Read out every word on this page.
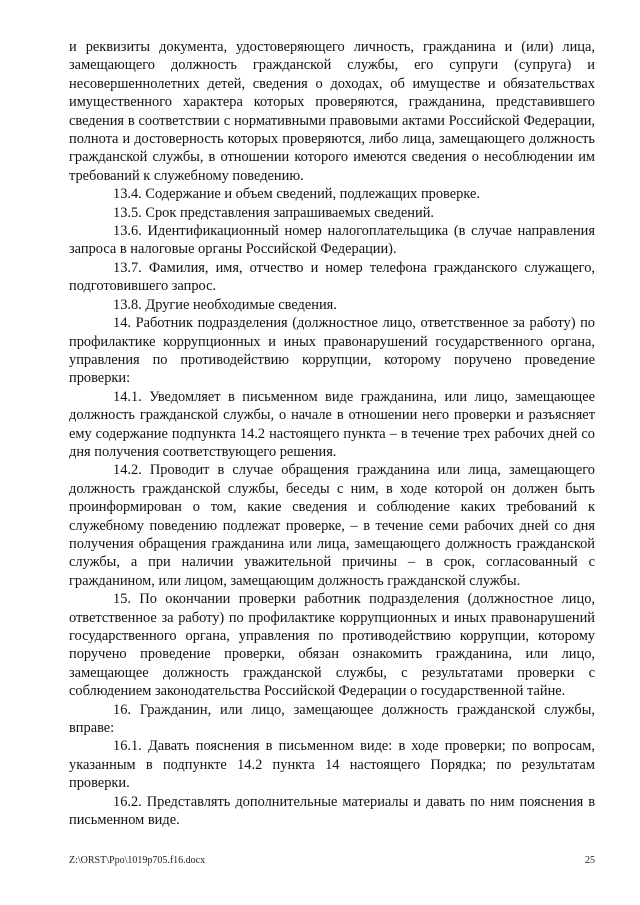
и реквизиты документа, удостоверяющего личность, гражданина и (или) лица, замещающего должность гражданской службы, его супруги (супруга) и несовершеннолетних детей, сведения о доходах, об имуществе и обязательствах имущественного характера которых проверяются, гражданина, представившего сведения в соответствии с нормативными правовыми актами Российской Федерации, полнота и достоверность которых проверяются, либо лица, замещающего должность гражданской службы, в отношении которого имеются сведения о несоблюдении им требований к служебному поведению.

13.4. Содержание и объем сведений, подлежащих проверке.

13.5. Срок представления запрашиваемых сведений.

13.6. Идентификационный номер налогоплательщика (в случае направления запроса в налоговые органы Российской Федерации).

13.7. Фамилия, имя, отчество и номер телефона гражданского служащего, подготовившего запрос.

13.8. Другие необходимые сведения.

14. Работник подразделения (должностное лицо, ответственное за работу) по профилактике коррупционных и иных правонарушений государственного органа, управления по противодействию коррупции, которому поручено проведение проверки:

14.1. Уведомляет в письменном виде гражданина, или лицо, замещающее должность гражданской службы, о начале в отношении него проверки и разъясняет ему содержание подпункта 14.2 настоящего пункта – в течение трех рабочих дней со дня получения соответствующего решения.

14.2. Проводит в случае обращения гражданина или лица, замещающего должность гражданской службы, беседы с ним, в ходе которой он должен быть проинформирован о том, какие сведения и соблюдение каких требований к служебному поведению подлежат проверке, – в течение семи рабочих дней со дня получения обращения гражданина или лица, замещающего должность гражданской службы, а при наличии уважительной причины – в срок, согласованный с гражданином, или лицом, замещающим должность гражданской службы.

15. По окончании проверки работник подразделения (должностное лицо, ответственное за работу) по профилактике коррупционных и иных правонарушений государственного органа, управления по противодействию коррупции, которому поручено проведение проверки, обязан ознакомить гражданина, или лицо, замещающее должность гражданской службы, с результатами проверки с соблюдением законодательства Российской Федерации о государственной тайне.

16. Гражданин, или лицо, замещающее должность гражданской службы, вправе:

16.1. Давать пояснения в письменном виде: в ходе проверки; по вопросам, указанным в подпункте 14.2 пункта 14 настоящего Порядка; по результатам проверки.

16.2. Представлять дополнительные материалы и давать по ним пояснения в письменном виде.

Z:\ORST\Ppo\1019p705.f16.docx	25
